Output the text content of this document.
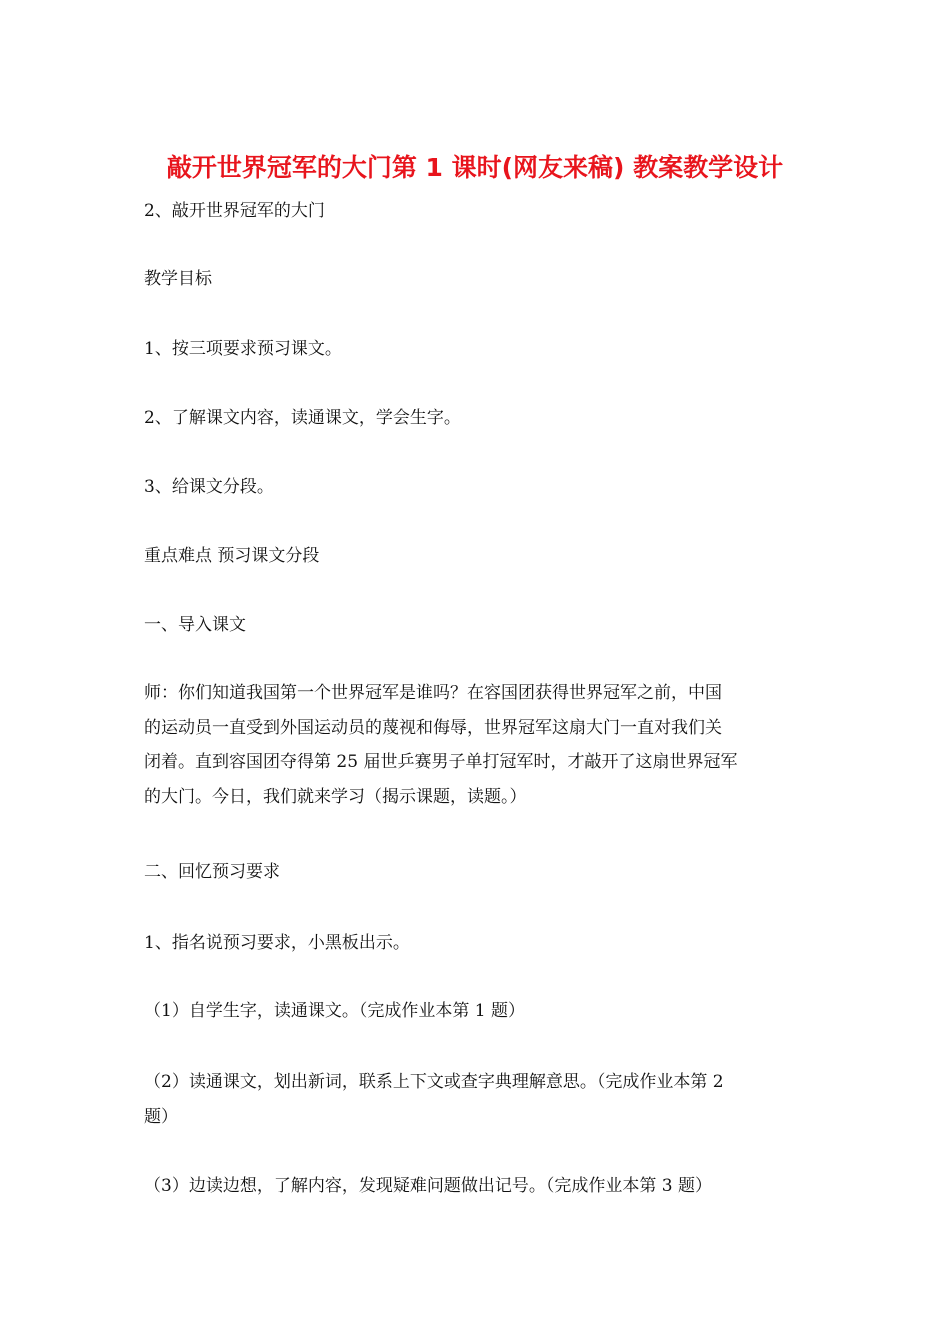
敲开世界冠军的大门第 1 课时(网友来稿) 教案教学设计
2、敲开世界冠军的大门
教学目标
1、按三项要求预习课文。
2、了解课文内容，读通课文，学会生字。
3、给课文分段。
重点难点 预习课文分段
一、导入课文
师：你们知道我国第一个世界冠军是谁吗？在容国团获得世界冠军之前，中国
的运动员一直受到外国运动员的蔑视和侮辱，世界冠军这扇大门一直对我们关
闭着。直到容国团夺得第 25 届世乒赛男子单打冠军时，才敲开了这扇世界冠军
的大门。今日，我们就来学习（揭示课题，读题。）
二、回忆预习要求
1、指名说预习要求，小黑板出示。
（1）自学生字，读通课文。（完成作业本第 1 题）
（2）读通课文，划出新词，联系上下文或查字典理解意思。（完成作业本第 2
题）
（3）边读边想，了解内容，发现疑难问题做出记号。（完成作业本第 3 题）
